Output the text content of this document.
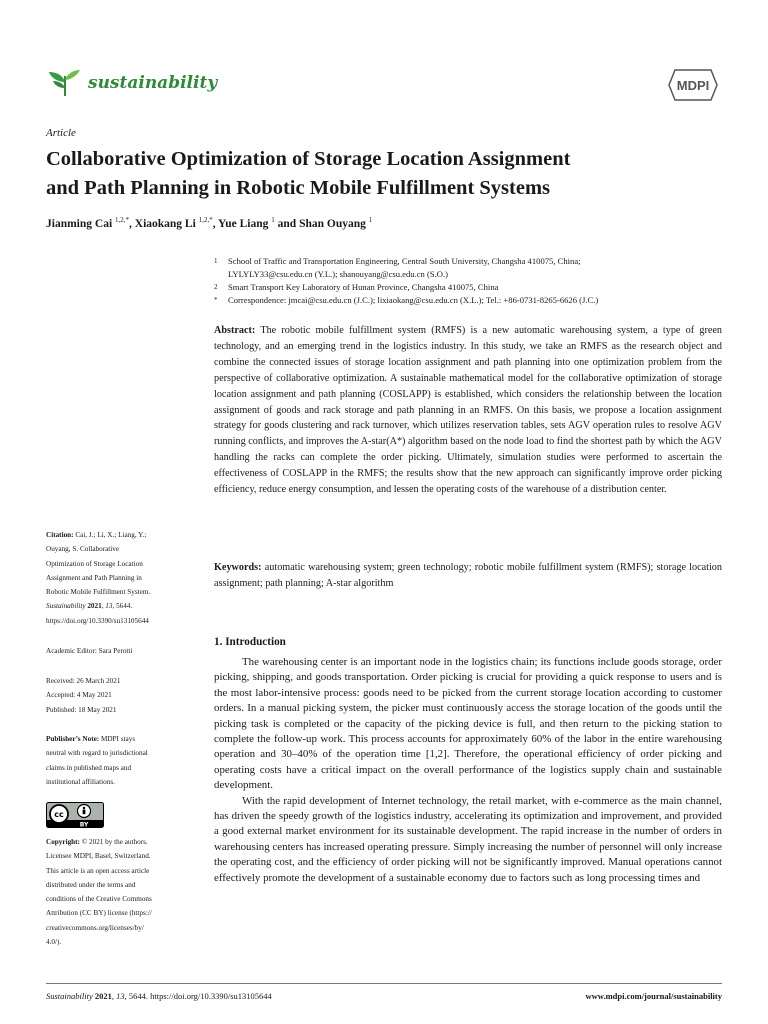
sustainability	MDPI
Article
Collaborative Optimization of Storage Location Assignment
and Path Planning in Robotic Mobile Fulfillment Systems
Jianming Cai $^{1,2,*}$, Xiaokang Li $^{1,2,*}$, Yue Liang $^1$ and Shan Ouyang $^1$
1 School of Traffic and Transportation Engineering, Central South University, Changsha 410075, China;
LYLYLY33@csu.edu.cn (Y.L.); shanouyang@csu.edu.cn (S.O.)
2 Smart Transport Key Laboratory of Hunan Province, Changsha 410075, China
* Correspondence: jmcai@csu.edu.cn (J.C.); lixiaokang@csu.edu.cn (X.L.); Tel.: +86-0731-8265-6626 (J.C.)
Abstract: The robotic mobile fulfillment system (RMFS) is a new automatic warehousing system, a type of green technology, and an emerging trend in the logistics industry. In this study, we take an RMFS as the research object and combine the connected issues of storage location assignment and path planning into one optimization problem from the perspective of collaborative optimization. A sustainable mathematical model for the collaborative optimization of storage location assignment and path planning (COSLAPP) is established, which considers the relationship between the location assignment of goods and rack storage and path planning in an RMFS. On this basis, we propose a location assignment strategy for goods clustering and rack turnover, which utilizes reservation tables, sets AGV operation rules to resolve AGV running conflicts, and improves the A-star(A*) algorithm based on the node load to find the shortest path by which the AGV handling the racks can complete the order picking. Ultimately, simulation studies were performed to ascertain the effectiveness of COSLAPP in the RMFS; the results show that the new approach can significantly improve order picking efficiency, reduce energy consumption, and lessen the operating costs of the warehouse of a distribution center.
Keywords: automatic warehousing system; green technology; robotic mobile fulfillment system (RMFS); storage location assignment; path planning; A-star algorithm
Citation: Cai, J.; Li, X.; Liang, Y.;
Ouyang, S. Collaborative
Optimization of Storage Location
Assignment and Path Planning in
Robotic Mobile Fulfillment System.
Sustainability 2021, 13, 5644.
https://doi.org/10.3390/su13105644
Academic Editor: Sara Perotti
Received: 26 March 2021
Accepted: 4 May 2021
Published: 18 May 2021
Publisher’s Note: MDPI stays
neutral with regard to jurisdictional
claims in published maps and
institutional affiliations.
cc
BY
Copyright: © 2021 by the authors.
Licensee MDPI, Basel, Switzerland.
This article is an open access article
distributed under the terms and
conditions of the Creative Commons
Attribution (CC BY) license (https://
creativecommons.org/licenses/by/
4.0/).
1. Introduction

The warehousing center is an important node in the logistics chain; its functions include goods storage, order picking, shipping, and goods transportation. Order picking is crucial for providing a quick response to users and is the most labor-intensive process: goods need to be picked from the current storage location according to customer orders. In a manual picking system, the picker must continuously access the storage location of the goods until the picking task is completed or the capacity of the picking device is full, and then return to the picking station to complete the follow-up work. This process accounts for approximately 60% of the labor in the entire warehousing operation and 30–40% of the operation time [1,2]. Therefore, the operational efficiency of order picking and operating costs have a critical impact on the overall performance of the logistics supply chain and sustainable development.

With the rapid development of Internet technology, the retail market, with e-commerce as the main channel, has driven the speedy growth of the logistics industry, accelerating its optimization and improvement, and provided a good external market environment for its sustainable development. The rapid increase in the number of orders in warehousing centers has increased operating pressure. Simply increasing the number of personnel will only increase the operating cost, and the efficiency of order picking will not be significantly improved. Manual operations cannot effectively promote the development of a sustainable economy due to factors such as long processing times and

Sustainability 2021, 13, 5644. https://doi.org/10.3390/su13105644	www.mdpi.com/journal/sustainability
